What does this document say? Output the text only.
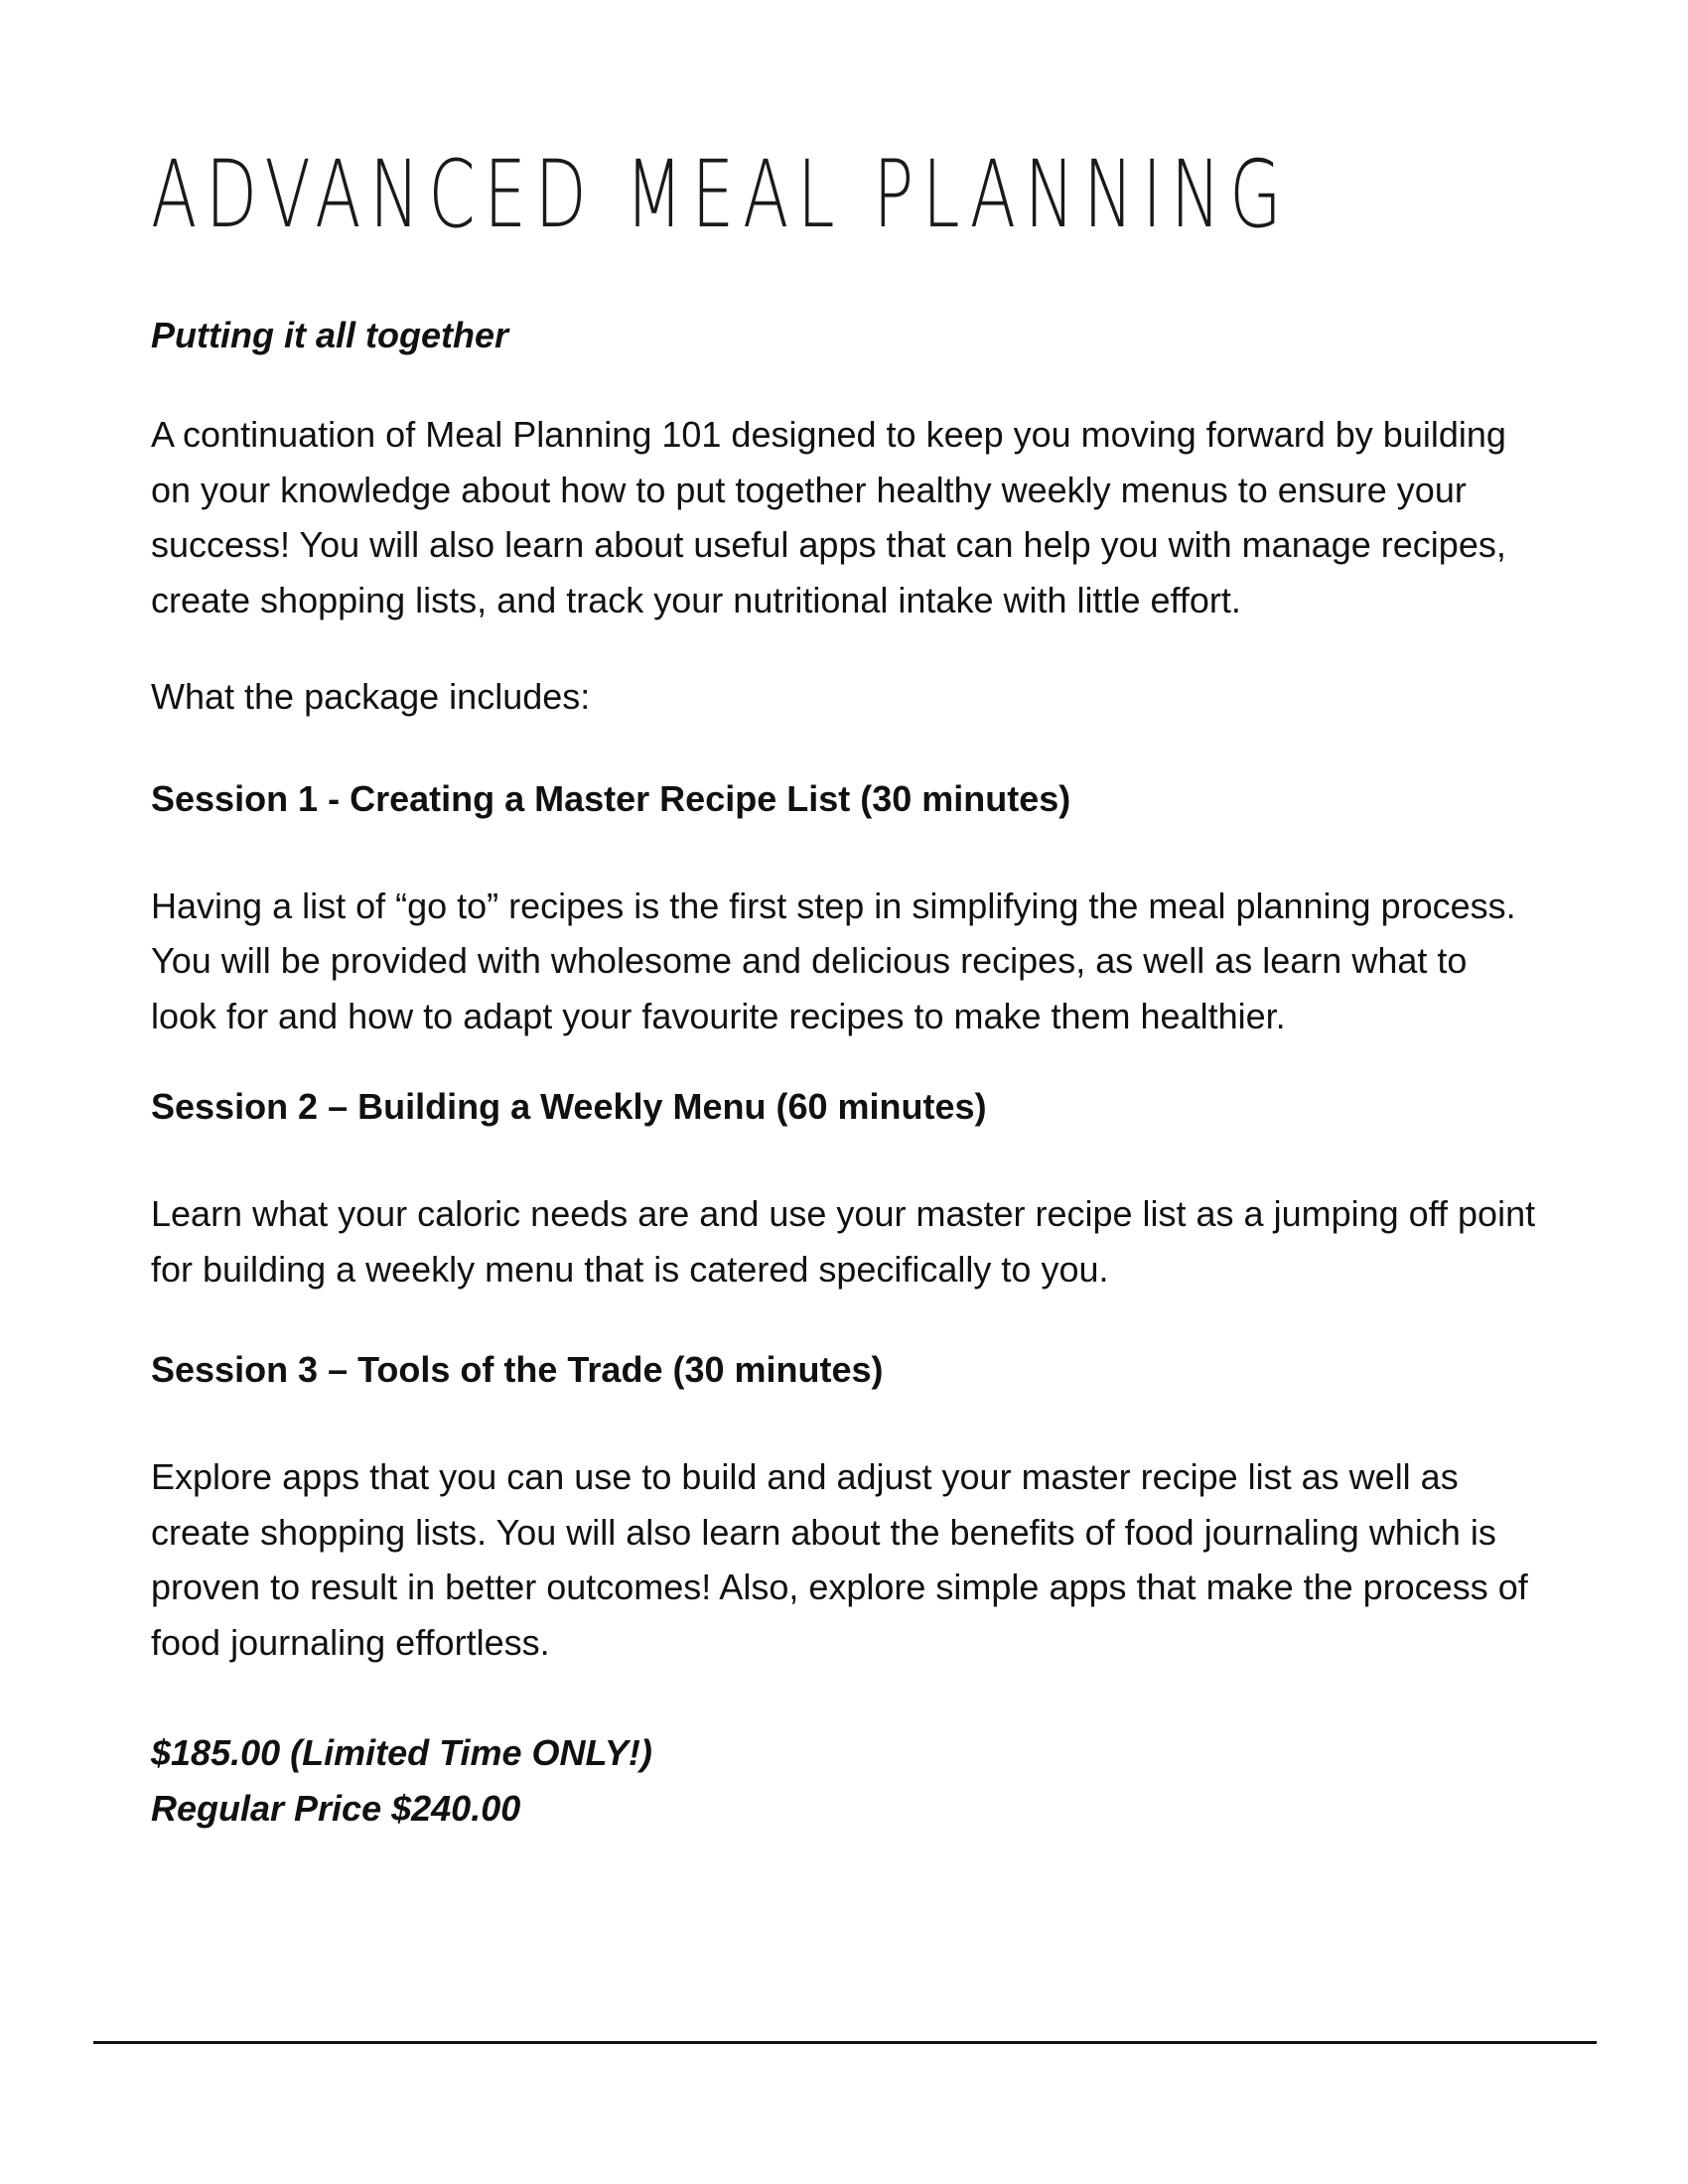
ADVANCED MEAL PLANNING

Putting it all together

A continuation of Meal Planning 101 designed to keep you moving forward by building on your knowledge about how to put together healthy weekly menus to ensure your success! You will also learn about useful apps that can help you with manage recipes, create shopping lists, and track your nutritional intake with little effort.

What the package includes:

Session 1 - Creating a Master Recipe List (30 minutes)

Having a list of “go to” recipes is the first step in simplifying the meal planning process. You will be provided with wholesome and delicious recipes, as well as learn what to look for and how to adapt your favourite recipes to make them healthier.

Session 2 – Building a Weekly Menu (60 minutes)

Learn what your caloric needs are and use your master recipe list as a jumping off point for building a weekly menu that is catered specifically to you.

Session 3 – Tools of the Trade (30 minutes)

Explore apps that you can use to build and adjust your master recipe list as well as create shopping lists. You will also learn about the benefits of food journaling which is proven to result in better outcomes! Also, explore simple apps that make the process of food journaling effortless.

$185.00 (Limited Time ONLY!)
Regular Price $240.00
